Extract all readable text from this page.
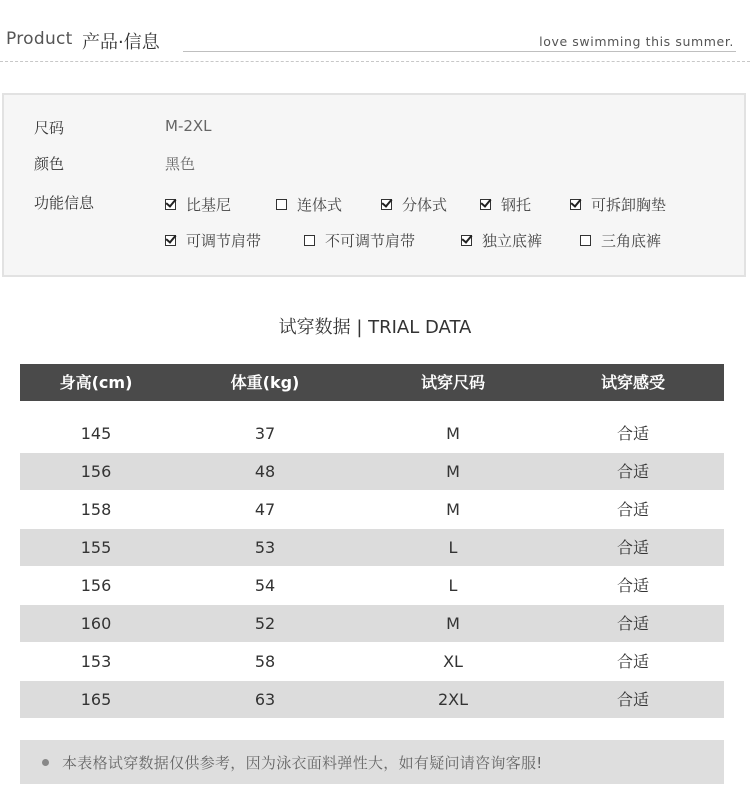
Product 产品·信息	love swimming this summer.
尺码	M-2XL
颜色	黑色
功能信息	比基尼	连体式	分体式	钢托	可拆卸胸垫
可调节肩带	不可调节肩带	独立底裤	三角底裤
试穿数据 | TRIAL DATA
身高(cm)	体重(kg)	试穿尺码	试穿感受
145	37	M	合适
156	48	M	合适
158	47	M	合适
155	53	L	合适
156	54	L	合适
160	52	M	合适
153	58	XL	合适
165	63	2XL	合适
本表格试穿数据仅供参考，因为泳衣面料弹性大，如有疑问请咨询客服!
